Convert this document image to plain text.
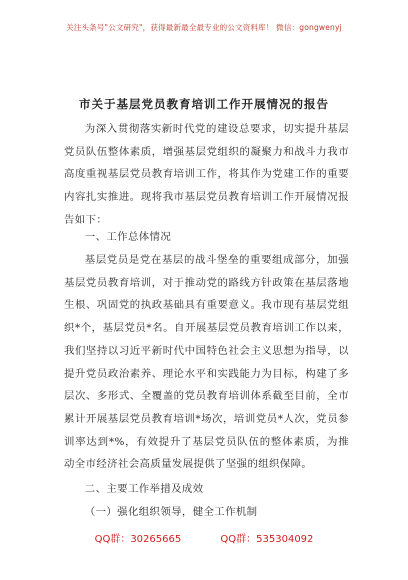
关注头条号"公文研究"，获得最新最全最专业的公文资料库！ 微信：gongwenyj
市关于基层党员教育培训工作开展情况的报告

为深入贯彻落实新时代党的建设总要求，切实提升基层党员队伍整体素质，增强基层党组织的凝聚力和战斗力我市高度重视基层党员教育培训工作，将其作为党建工作的重要内容扎实推进。现将我市基层党员教育培训工作开展情况报告如下：

一、工作总体情况

基层党员是党在基层的战斗堡垒的重要组成部分，加强基层党员教育培训，对于推动党的路线方针政策在基层落地生根、巩固党的执政基础具有重要意义。我市现有基层党组织*个，基层党员*名。自开展基层党员教育培训工作以来，我们坚持以习近平新时代中国特色社会主义思想为指导，以提升党员政治素养、理论水平和实践能力为目标，构建了多层次、多形式、全覆盖的党员教育培训体系截至目前，全市累计开展基层党员教育培训*场次，培训党员*人次，党员参训率达到*%，有效提升了基层党员队伍的整体素质，为推动全市经济社会高质量发展提供了坚强的组织保障。

二、主要工作举措及成效

（一）强化组织领导，健全工作机制

QQ群：30265665	QQ群：535304092
